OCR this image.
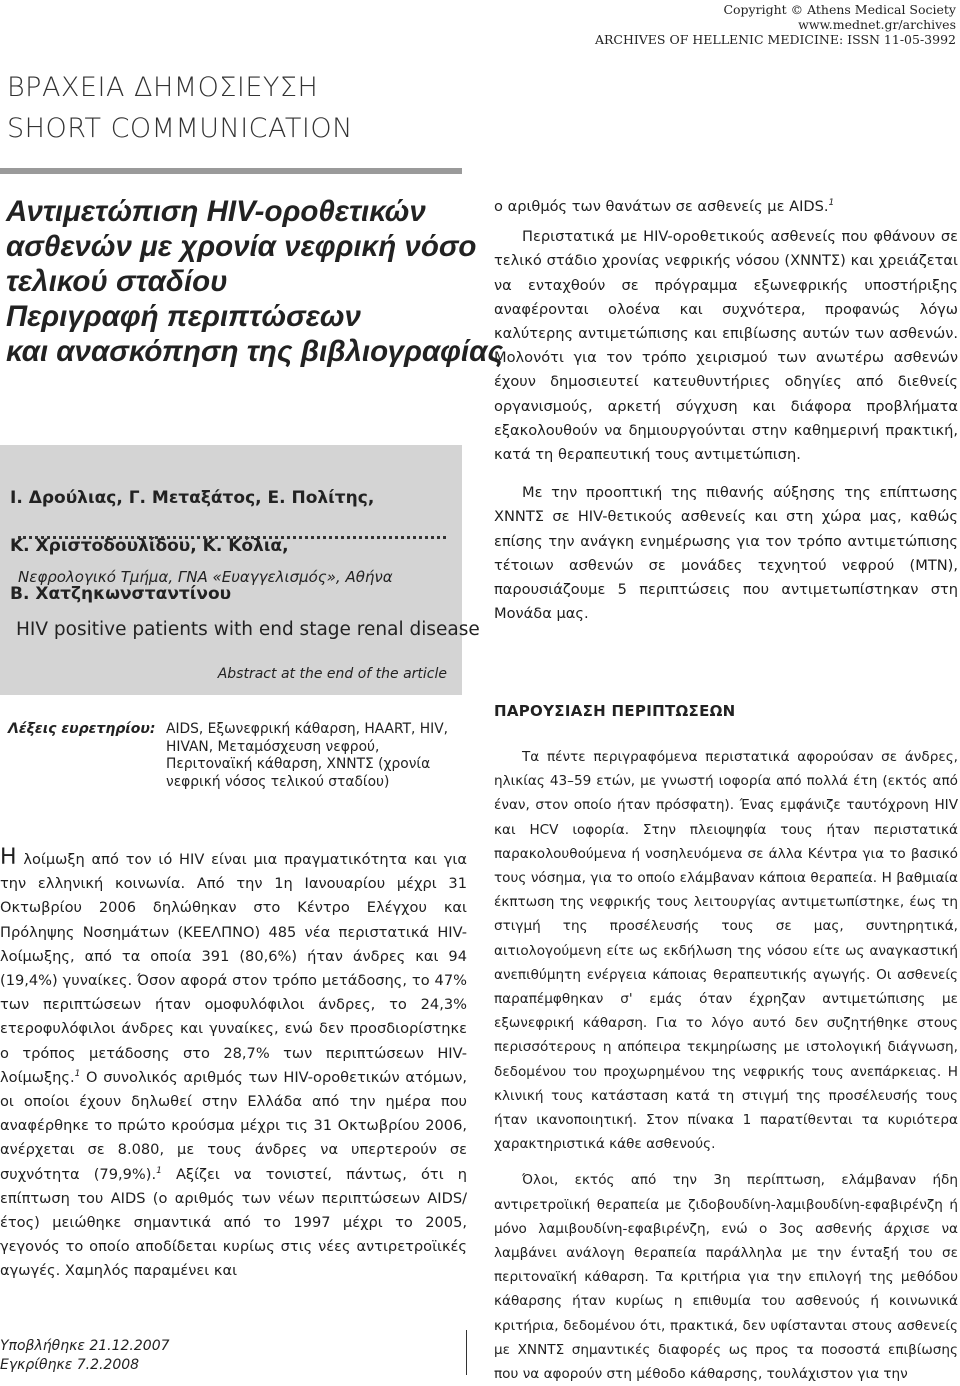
Copyright © Athens Medical Society
www.mednet.gr/archives
ARCHIVES OF HELLENIC MEDICINE: ISSN 11-05-3992
ΒΡΑΧΕΙΑ ΔΗΜΟΣΙΕΥΣΗ
SHORT COMMUNICATION
Αντιμετώπιση HIV-οροθετικών
ασθενών με χρονία νεφρική νόσο
τελικού σταδίου
Περιγραφή περιπτώσεων
και ανασκόπηση της βιβλιογραφίας

Ι. Δρούλιας, Γ. Μεταξάτος, Ε. Πολίτης,

Κ. Χριστοδουλίδου, Κ. Κόλια,

Β. Χατζηκωνσταντίνου

Νεφρολογικό Τμήμα, ΓΝΑ «Ευαγγελισμός», Αθήνα
HIV positive patients with end stage renal disease
Abstract at the end of the article
Λέξεις ευρετηρίου: AIDS, Εξωνεφρική κάθαρση, HAART, HIV, HIVAN, Μεταμόσχευση νεφρού, Περιτοναϊκή κάθαρση, ΧΝΝΤΣ (χρονία νεφρική νόσος τελικού σταδίου)

Η λοίμωξη από τον ιό HIV είναι μια πραγματικότητα και για την ελληνική κοινωνία. Από την 1η Ιανουαρίου μέχρι 31 Οκτωβρίου 2006 δηλώθηκαν στο Κέντρο Ελέγχου και Πρόληψης Νοσημάτων (ΚΕΕΛΠΝΟ) 485 νέα περιστατικά HIV-λοίμωξης, από τα οποία 391 (80,6%) ήταν άνδρες και 94 (19,4%) γυναίκες. Όσον αφορά στον τρόπο μετάδοσης, το 47% των περιπτώσεων ήταν ομοφυλόφιλοι άνδρες, το 24,3% ετεροφυλόφιλοι άνδρες και γυναίκες, ενώ δεν προσδιορίστηκε ο τρόπος μετάδοσης στο 28,7% των περιπτώσεων HIV-λοίμωξης.$^1$ Ο συνολικός αριθμός των HIV-οροθετικών ατόμων, οι οποίοι έχουν δηλωθεί στην Ελλάδα από την ημέρα που αναφέρθηκε το πρώτο κρούσμα μέχρι τις 31 Οκτωβρίου 2006, ανέρχεται σε 8.080, με τους άνδρες να υπερτερούν σε συχνότητα (79,9%).$^1$ Αξίζει να τονιστεί, πάντως, ότι η επίπτωση του AIDS (ο αριθμός των νέων περιπτώσεων AIDS/έτος) μειώθηκε σημαντικά από το 1997 μέχρι το 2005, γεγονός το οποίο αποδίδεται κυρίως στις νέες αντιρετροϊικές αγωγές. Χαμηλός παραμένει και

Υποβλήθηκε 21.12.2007
Εγκρίθηκε 7.2.2008

ο αριθμός των θανάτων σε ασθενείς με AIDS.$^1$

Περιστατικά με HIV-οροθετικούς ασθενείς που φθάνουν σε τελικό στάδιο χρονίας νεφρικής νόσου (ΧΝΝΤΣ) και χρειάζεται να ενταχθούν σε πρόγραμμα εξωνεφρικής υποστήριξης αναφέρονται ολοένα και συχνότερα, προφανώς λόγω καλύτερης αντιμετώπισης και επιβίωσης αυτών των ασθενών. Μολονότι για τον τρόπο χειρισμού των ανωτέρω ασθενών έχουν δημοσιευτεί κατευθυντήριες οδηγίες από διεθνείς οργανισμούς, αρκετή σύγχυση και διάφορα προβλήματα εξακολουθούν να δημιουργούνται στην καθημερινή πρακτική, κατά τη θεραπευτική τους αντιμετώπιση.

Με την προοπτική της πιθανής αύξησης της επίπτωσης ΧΝΝΤΣ σε HIV-θετικούς ασθενείς και στη χώρα μας, καθώς επίσης την ανάγκη ενημέρωσης για τον τρόπο αντιμετώπισης τέτοιων ασθενών σε μονάδες τεχνητού νεφρού (ΜΤΝ), παρουσιάζουμε 5 περιπτώσεις που αντιμετωπίστηκαν στη Μονάδα μας.

ΠΑΡΟΥΣΙΑΣΗ ΠΕΡΙΠΤΩΣΕΩΝ

Τα πέντε περιγραφόμενα περιστατικά αφορούσαν σε άνδρες, ηλικίας 43–59 ετών, με γνωστή ιοφορία από πολλά έτη (εκτός από έναν, στον οποίο ήταν πρόσφατη). Ένας εμφάνιζε ταυτόχρονη HIV και HCV ιοφορία. Στην πλειοψηφία τους ήταν περιστατικά παρακολουθούμενα ή νοσηλευόμενα σε άλλα Κέντρα για το βασικό τους νόσημα, για το οποίο ελάμβαναν κάποια θεραπεία. Η βαθμιαία έκπτωση της νεφρικής τους λειτουργίας αντιμετωπίστηκε, έως τη στιγμή της προσέλευσής τους σε μας, συντηρητικά, αιτιολογούμενη είτε ως εκδήλωση της νόσου είτε ως αναγκαστική ανεπιθύμητη ενέργεια κάποιας θεραπευτικής αγωγής. Οι ασθενείς παραπέμφθηκαν σ' εμάς όταν έχρηζαν αντιμετώπισης με εξωνεφρική κάθαρση. Για το λόγο αυτό δεν συζητήθηκε στους περισσότερους η απόπειρα τεκμηρίωσης με ιστολογική διάγνωση, δεδομένου του προχωρημένου της νεφρικής τους ανεπάρκειας. Η κλινική τους κατάσταση κατά τη στιγμή της προσέλευσής τους ήταν ικανοποιητική. Στον πίνακα 1 παρατίθενται τα κυριότερα χαρακτηριστικά κάθε ασθενούς.

Όλοι, εκτός από την 3η περίπτωση, ελάμβαναν ήδη αντιρετροϊική θεραπεία με ζιδοβουδίνη-λαμιβουδίνη-εφαβιρένζη ή μόνο λαμιβουδίνη-εφαβιρένζη, ενώ ο 3ος ασθενής άρχισε να λαμβάνει ανάλογη θεραπεία παράλληλα με την ένταξή του σε περιτοναϊκή κάθαρση. Τα κριτήρια για την επιλογή της μεθόδου κάθαρσης ήταν κυρίως η επιθυμία του ασθενούς ή κοινωνικά κριτήρια, δεδομένου ότι, πρακτικά, δεν υφίστανται στους ασθενείς με ΧΝΝΤΣ σημαντικές διαφορές ως προς τα ποσοστά επιβίωσης που να αφορούν στη μέθοδο κάθαρσης, τουλάχιστον για την
